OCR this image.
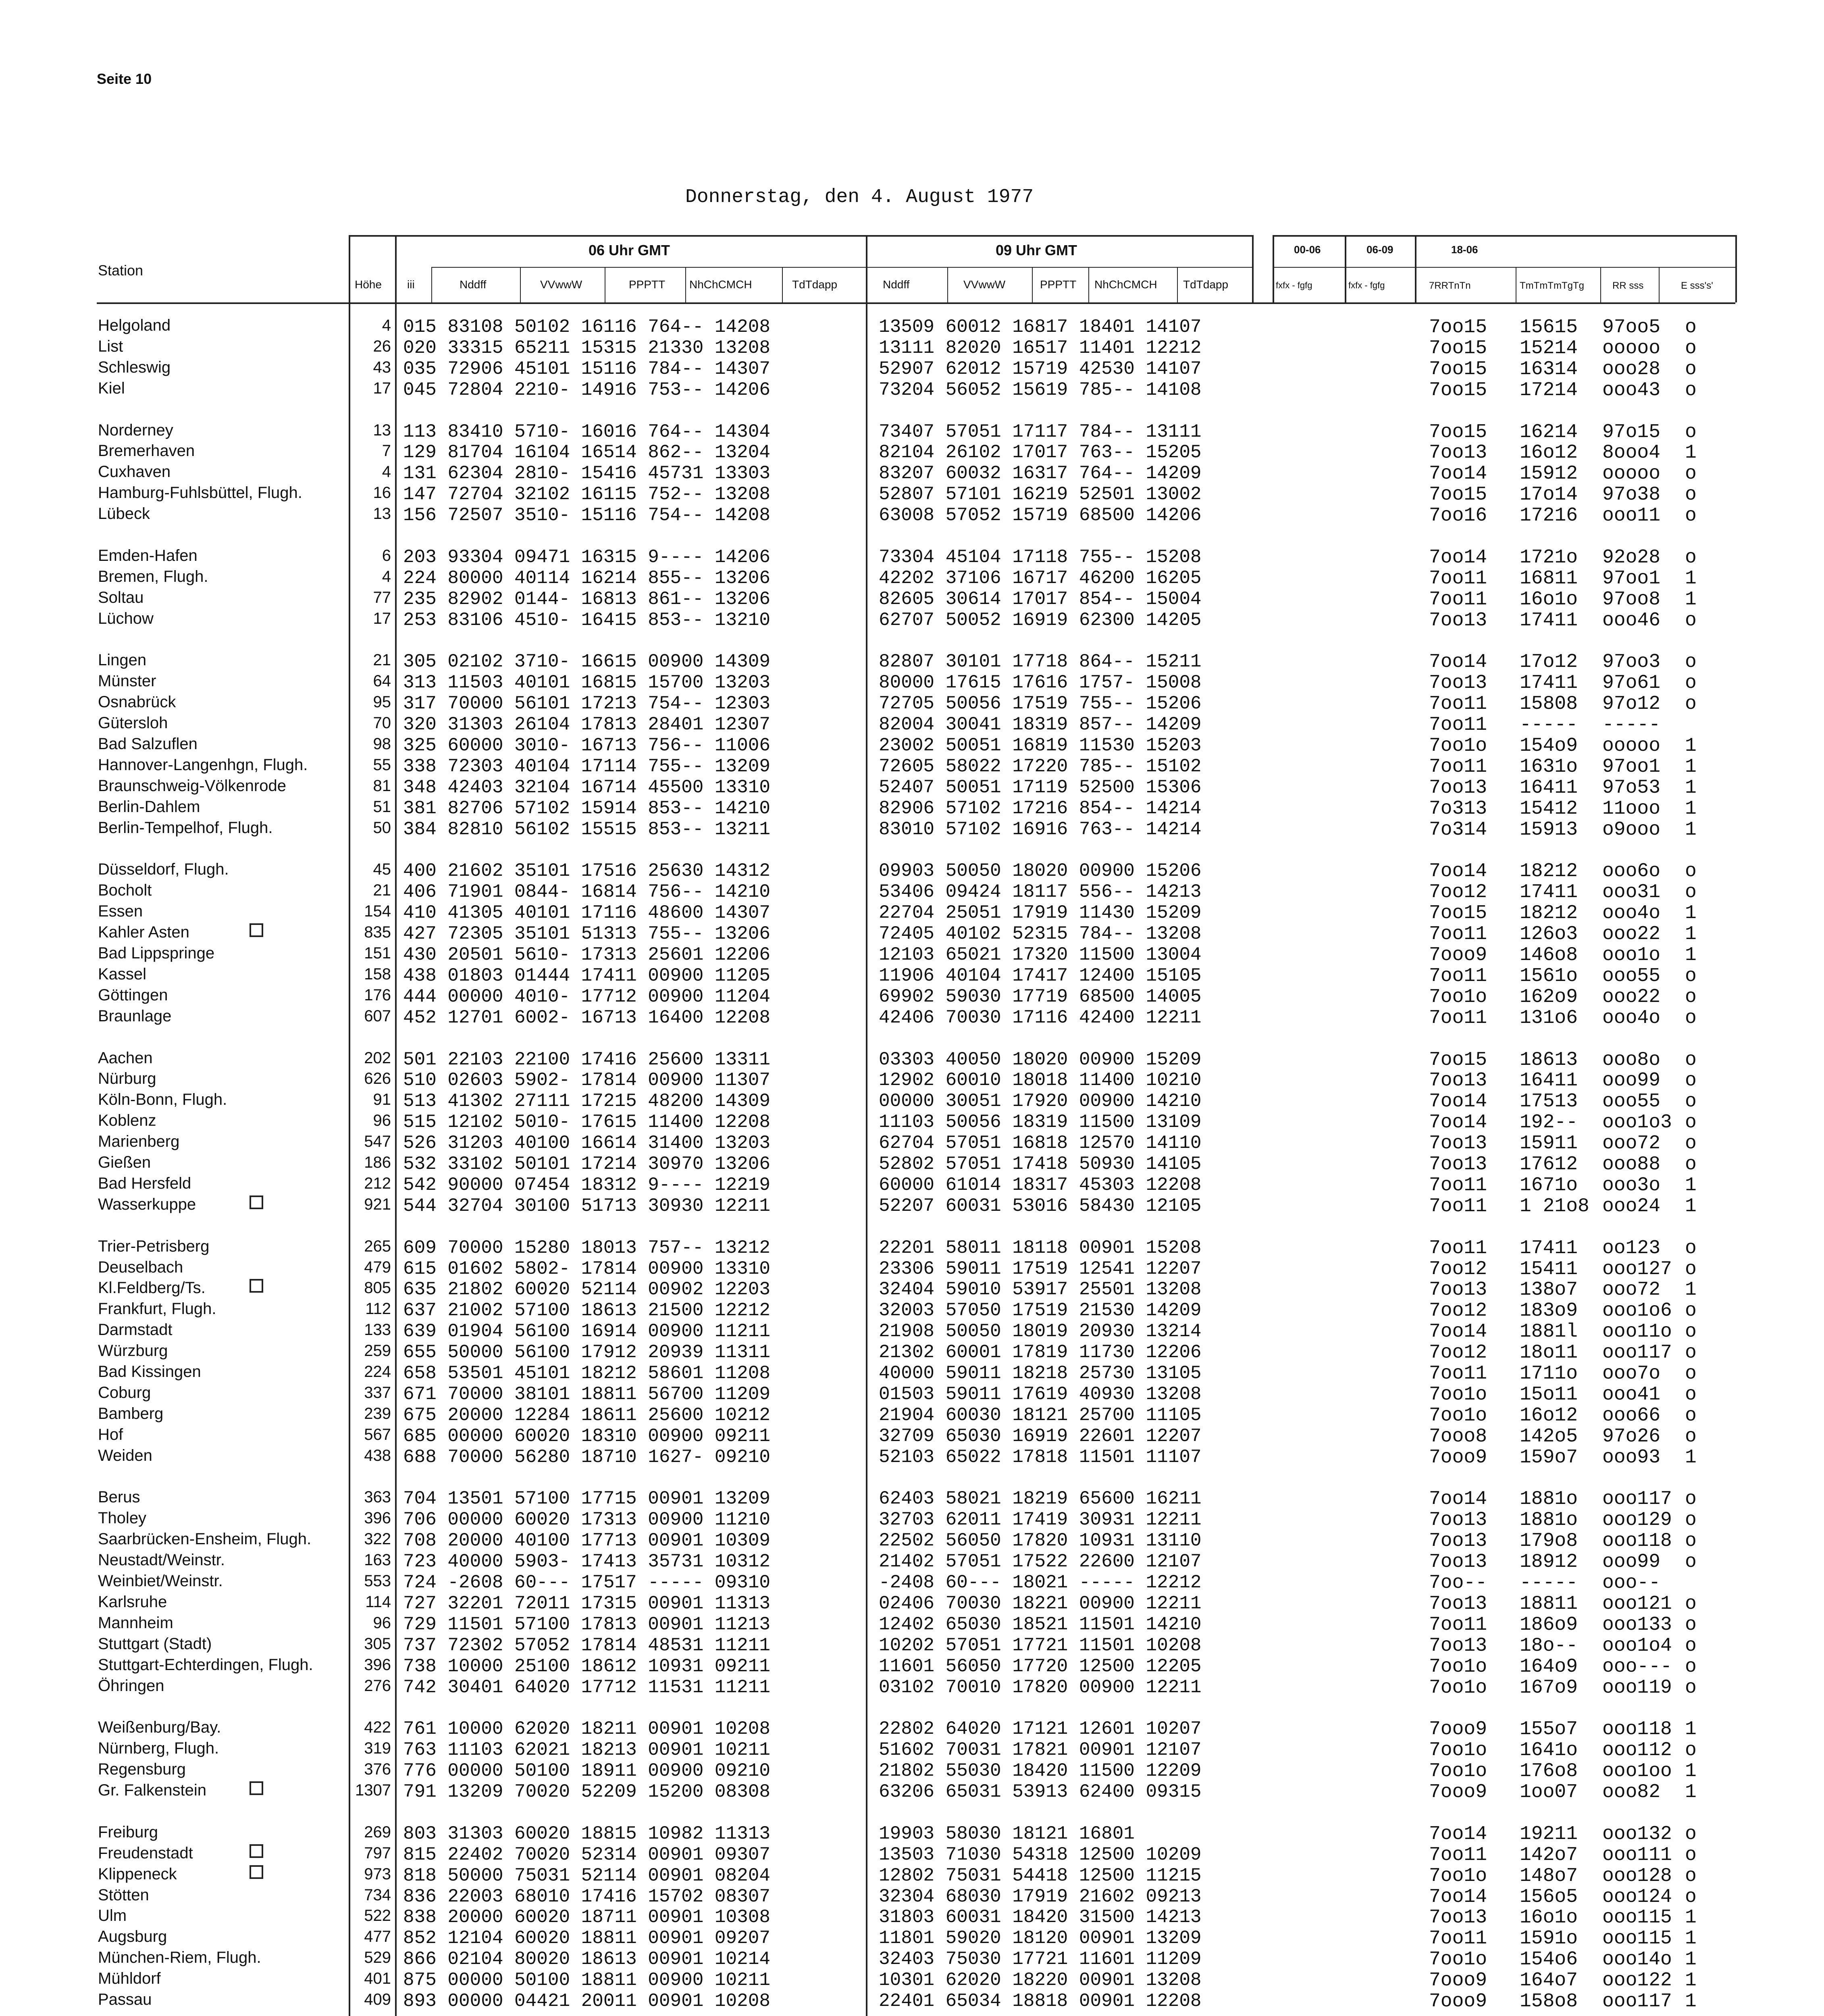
Seite 10
Donnerstag, den 4. August 1977
Station
06 Uhr GMT	09 Uhr GMT
Höhe iii	Nddff	VVwwW	PPPTT NhChCMCH	TdTdapp	Nddff	VVwwW	PPPTT NhChCMCH TdTdapp
00-06	06-09	18-06
fxfx - fgfg	fxfx - fgfg	7RRTnTn	TmTmTmTgTg	RR sss	E sss's'
Helgoland	4 015 83108 50102 16116 764-- 14208	13509 60012 16817 18401 14107	7oo15 15615 97oo5 o
List	26 020 33315 65211 15315 21330 13208	13111 82020 16517 11401 12212	7oo15 15214 ooooo o
Schleswig	43 035 72906 45101 15116 784-- 14307	52907 62012 15719 42530 14107	7oo15 16314 ooo28 o
Kiel	17 045 72804 2210- 14916 753-- 14206	73204 56052 15619 785-- 14108	7oo15 17214 ooo43 o
Norderney	13 113 83410 5710- 16016 764-- 14304	73407 57051 17117 784-- 13111	7oo15 16214 97o15 o
Bremerhaven	7 129 81704 16104 16514 862-- 13204	82104 26102 17017 763-- 15205	7oo13 16o12 8ooo4 1
Cuxhaven	4 131 62304 2810- 15416 45731 13303	83207 60032 16317 764-- 14209	7oo14 15912 ooooo o
Hamburg-Fuhlsbüttel, Flugh.	16 147 72704 32102 16115 752-- 13208	52807 57101 16219 52501 13002	7oo15 17o14 97o38 o
Lübeck	13 156 72507 3510- 15116 754-- 14208	63008 57052 15719 68500 14206	7oo16 17216 ooo11 o
Emden-Hafen	6 203 93304 09471 16315 9---- 14206	73304 45104 17118 755-- 15208	7oo14 1721o 92o28 o
Bremen, Flugh.	4 224 80000 40114 16214 855-- 13206	42202 37106 16717 46200 16205	7oo11 16811 97oo1 1
Soltau	77 235 82902 0144- 16813 861-- 13206	82605 30614 17017 854-- 15004	7oo11 16o1o 97oo8 1
Lüchow	17 253 83106 4510- 16415 853-- 13210	62707 50052 16919 62300 14205	7oo13 17411 ooo46 o
Lingen	21 305 02102 3710- 16615 00900 14309	82807 30101 17718 864-- 15211	7oo14 17o12 97oo3 o
Münster	64 313 11503 40101 16815 15700 13203	80000 17615 17616 1757- 15008	7oo13 17411 97o61 o
Osnabrück	95 317 70000 56101 17213 754-- 12303	72705 50056 17519 755-- 15206	7oo11 15808 97o12 o
Gütersloh	70 320 31303 26104 17813 28401 12307	82004 30041 18319 857-- 14209	7oo11 ----- -----
Bad Salzuflen	98 325 60000 3010- 16713 756-- 11006	23002 50051 16819 11530 15203	7oo1o 154o9 ooooo 1
Hannover-Langenhgn, Flugh.	55 338 72303 40104 17114 755-- 13209	72605 58022 17220 785-- 15102	7oo11 1631o 97oo1 1
Braunschweig-Völkenrode	81 348 42403 32104 16714 45500 13310	52407 50051 17119 52500 15306	7oo13 16411 97o53 1
Berlin-Dahlem	51 381 82706 57102 15914 853-- 14210	82906 57102 17216 854-- 14214	7o313 15412 11ooo 1
Berlin-Tempelhof, Flugh.	50 384 82810 56102 15515 853-- 13211	83010 57102 16916 763-- 14214	7o314 15913 o9ooo 1
Düsseldorf, Flugh.	45 400 21602 35101 17516 25630 14312	09903 50050 18020 00900 15206	7oo14 18212 ooo6o o
Bocholt	21 406 71901 0844- 16814 756-- 14210	53406 09424 18117 556-- 14213	7oo12 17411 ooo31 o
Essen	154 410 41305 40101 17116 48600 14307	22704 25051 17919 11430 15209	7oo15 18212 ooo4o 1
Kahler Asten	835 427 72305 35101 51313 755-- 13206	72405 40102 52315 784-- 13208	7oo11 126o3 ooo22 1
Bad Lippspringe	151 430 20501 5610- 17313 25601 12206	12103 65021 17320 11500 13004	7ooo9 146o8 ooo1o 1
Kassel	158 438 01803 01444 17411 00900 11205	11906 40104 17417 12400 15105	7oo11 1561o ooo55 o
Göttingen	176 444 00000 4010- 17712 00900 11204	69902 59030 17719 68500 14005	7oo1o 162o9 ooo22 o
Braunlage	607 452 12701 6002- 16713 16400 12208	42406 70030 17116 42400 12211	7oo11 131o6 ooo4o o
Aachen	202 501 22103 22100 17416 25600 13311	03303 40050 18020 00900 15209	7oo15 18613 ooo8o o
Nürburg	626 510 02603 5902- 17814 00900 11307	12902 60010 18018 11400 10210	7oo13 16411 ooo99 o
Köln-Bonn, Flugh.	91 513 41302 27111 17215 48200 14309	00000 30051 17920 00900 14210	7oo14 17513 ooo55 o
Koblenz	96 515 12102 5010- 17615 11400 12208	11103 50056 18319 11500 13109	7oo14 192-- ooo1o3 o
Marienberg	547 526 31203 40100 16614 31400 13203	62704 57051 16818 12570 14110	7oo13 15911 ooo72 o
Gießen	186 532 33102 50101 17214 30970 13206	52802 57051 17418 50930 14105	7oo13 17612 ooo88 o
Bad Hersfeld	212 542 90000 07454 18312 9---- 12219	60000 61014 18317 45303 12208	7oo11 1671o ooo3o 1
Wasserkuppe	921 544 32704 30100 51713 30930 12211	52207 60031 53016 58430 12105	7oo11 1 21o8 ooo24 1
Trier-Petrisberg	265 609 70000 15280 18013 757-- 13212	22201 58011 18118 00901 15208	7oo11 17411 oo123 o
Deuselbach	479 615 01602 5802- 17814 00900 13310	23306 59011 17519 12541 12207	7oo12 15411 ooo127 o
Kl.Feldberg/Ts.	805 635 21802 60020 52114 00902 12203	32404 59010 53917 25501 13208	7oo13 138o7 ooo72 1
Frankfurt, Flugh.	112 637 21002 57100 18613 21500 12212	32003 57050 17519 21530 14209	7oo12 183o9 ooo1o6 o
Darmstadt	133 639 01904 56100 16914 00900 11211	21908 50050 18019 20930 13214	7oo14 1881l ooo11o o
Würzburg	259 655 50000 56100 17912 20939 11311	21302 60001 17819 11730 12206	7oo12 18o11 ooo117 o
Bad Kissingen	224 658 53501 45101 18212 58601 11208	40000 59011 18218 25730 13105	7oo11 1711o ooo7o o
Coburg	337 671 70000 38101 18811 56700 11209	01503 59011 17619 40930 13208	7oo1o 15o11 ooo41 o
Bamberg	239 675 20000 12284 18611 25600 10212	21904 60030 18121 25700 11105	7oo1o 16o12 ooo66 o
Hof	567 685 00000 60020 18310 00900 09211	32709 65030 16919 22601 12207	7ooo8 142o5 97o26 o
Weiden	438 688 70000 56280 18710 1627- 09210	52103 65022 17818 11501 11107	7ooo9 159o7 ooo93 1
Berus	363 704 13501 57100 17715 00901 13209	62403 58021 18219 65600 16211	7oo14 1881o ooo117 o
Tholey	396 706 00000 60020 17313 00900 11210	32703 62011 17419 30931 12211	7oo13 1881o ooo129 o
Saarbrücken-Ensheim, Flugh.	322 708 20000 40100 17713 00901 10309	22502 56050 17820 10931 13110	7oo13 179o8 ooo118 o
Neustadt/Weinstr.	163 723 40000 5903- 17413 35731 10312	21402 57051 17522 22600 12107	7oo13 18912 ooo99 o
Weinbiet/Weinstr.	553 724 -2608 60--- 17517 ----- 09310	-2408 60--- 18021 ----- 12212	7oo-- ----- ooo--
Karlsruhe	114 727 32201 72011 17315 00901 11313	02406 70030 18221 00900 12211	7oo13 18811 ooo121 o
Mannheim	96 729 11501 57100 17813 00901 11213	12402 65030 18521 11501 14210	7oo11 186o9 ooo133 o
Stuttgart (Stadt)	305 737 72302 57052 17814 48531 11211	10202 57051 17721 11501 10208	7oo13 18o-- ooo1o4 o
Stuttgart-Echterdingen, Flugh.	396 738 10000 25100 18612 10931 09211	11601 56050 17720 12500 12205	7oo1o 164o9 ooo--- o
Öhringen	276 742 30401 64020 17712 11531 11211	03102 70010 17820 00900 12211	7oo1o 167o9 ooo119 o
Weißenburg/Bay.	422 761 10000 62020 18211 00901 10208	22802 64020 17121 12601 10207	7ooo9 155o7 ooo118 1
Nürnberg, Flugh.	319 763 11103 62021 18213 00901 10211	51602 70031 17821 00901 12107	7oo1o 1641o ooo112 o
Regensburg	376 776 00000 50100 18911 00900 09210	21802 55030 18420 11500 12209	7oo1o 176o8 ooo1oo 1
Gr. Falkenstein	1307 791 13209 70020 52209 15200 08308	63206 65031 53913 62400 09315	7ooo9 1oo07 ooo82 1
Freiburg	269 803 31303 60020 18815 10982 11313	19903 58030 18121 16801	7oo14 19211 ooo132 o
Freudenstadt	797 815 22402 70020 52314 00901 09307	13503 71030 54318 12500 10209	7oo11 142o7 ooo111 o
Klippeneck	973 818 50000 75031 52114 00901 08204	12802 75031 54418 12500 11215	7oo1o 148o7 ooo128 o
Stötten	734 836 22003 68010 17416 15702 08307	32304 68030 17919 21602 09213	7oo14 156o5 ooo124 o
Ulm	522 838 20000 60020 18711 00901 10308	31803 60031 18420 31500 14213	7oo13 16o1o ooo115 1
Augsburg	477 852 12104 60020 18811 00901 09207	11801 59020 18120 00901 13209	7oo11 1591o ooo115 1
München-Riem, Flugh.	529 866 02104 80020 18613 00901 10214	32403 75030 17721 11601 11209	7oo1o 154o6 ooo14o 1
Mühldorf	401 875 00000 50100 18811 00900 10211	10301 62020 18220 00901 13208	7ooo9 164o7 ooo122 1
Passau	409 893 00000 04421 20011 00901 10208	22401 65034 18818 00901 12208	7ooo9 158o8 ooo117 1
